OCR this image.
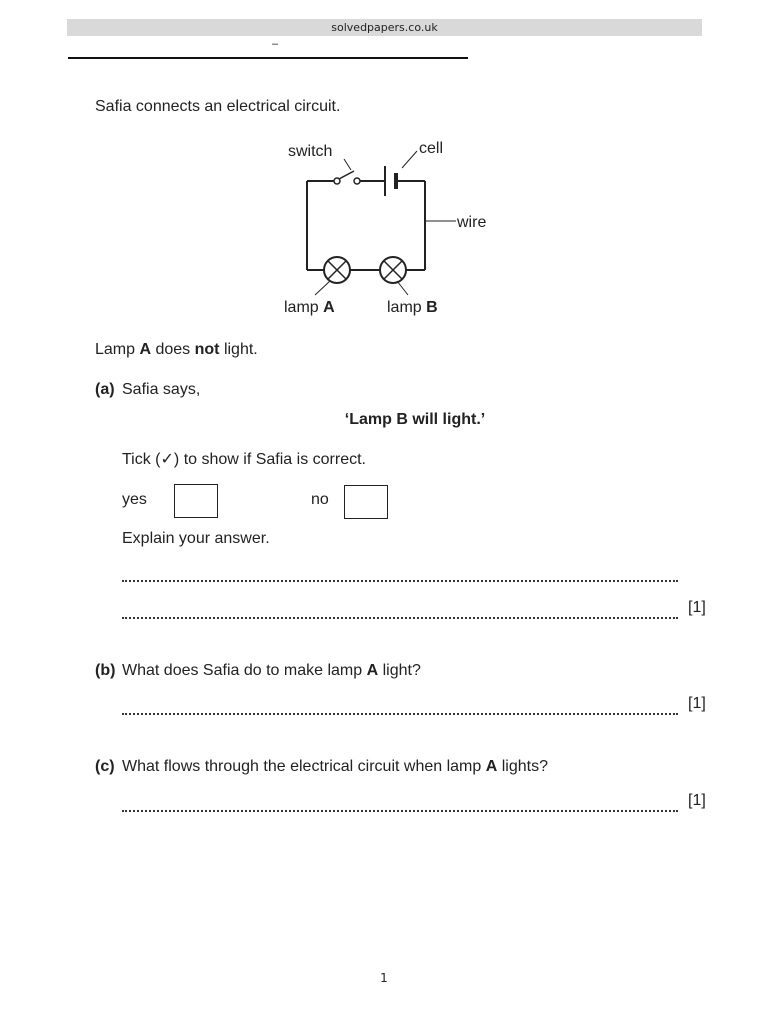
solvedpapers.co.uk
–
Safia connects an electrical circuit.
switch	cell
wire
lamp A	lamp B
Lamp A does not light.
(a) Safia says,
‘Lamp B will light.’
Tick (✓) to show if Safia is correct.
yes	no
Explain your answer.
[1]
(b) What does Safia do to make lamp A light?
[1]
(c) What flows through the electrical circuit when lamp A lights?
[1]
1
